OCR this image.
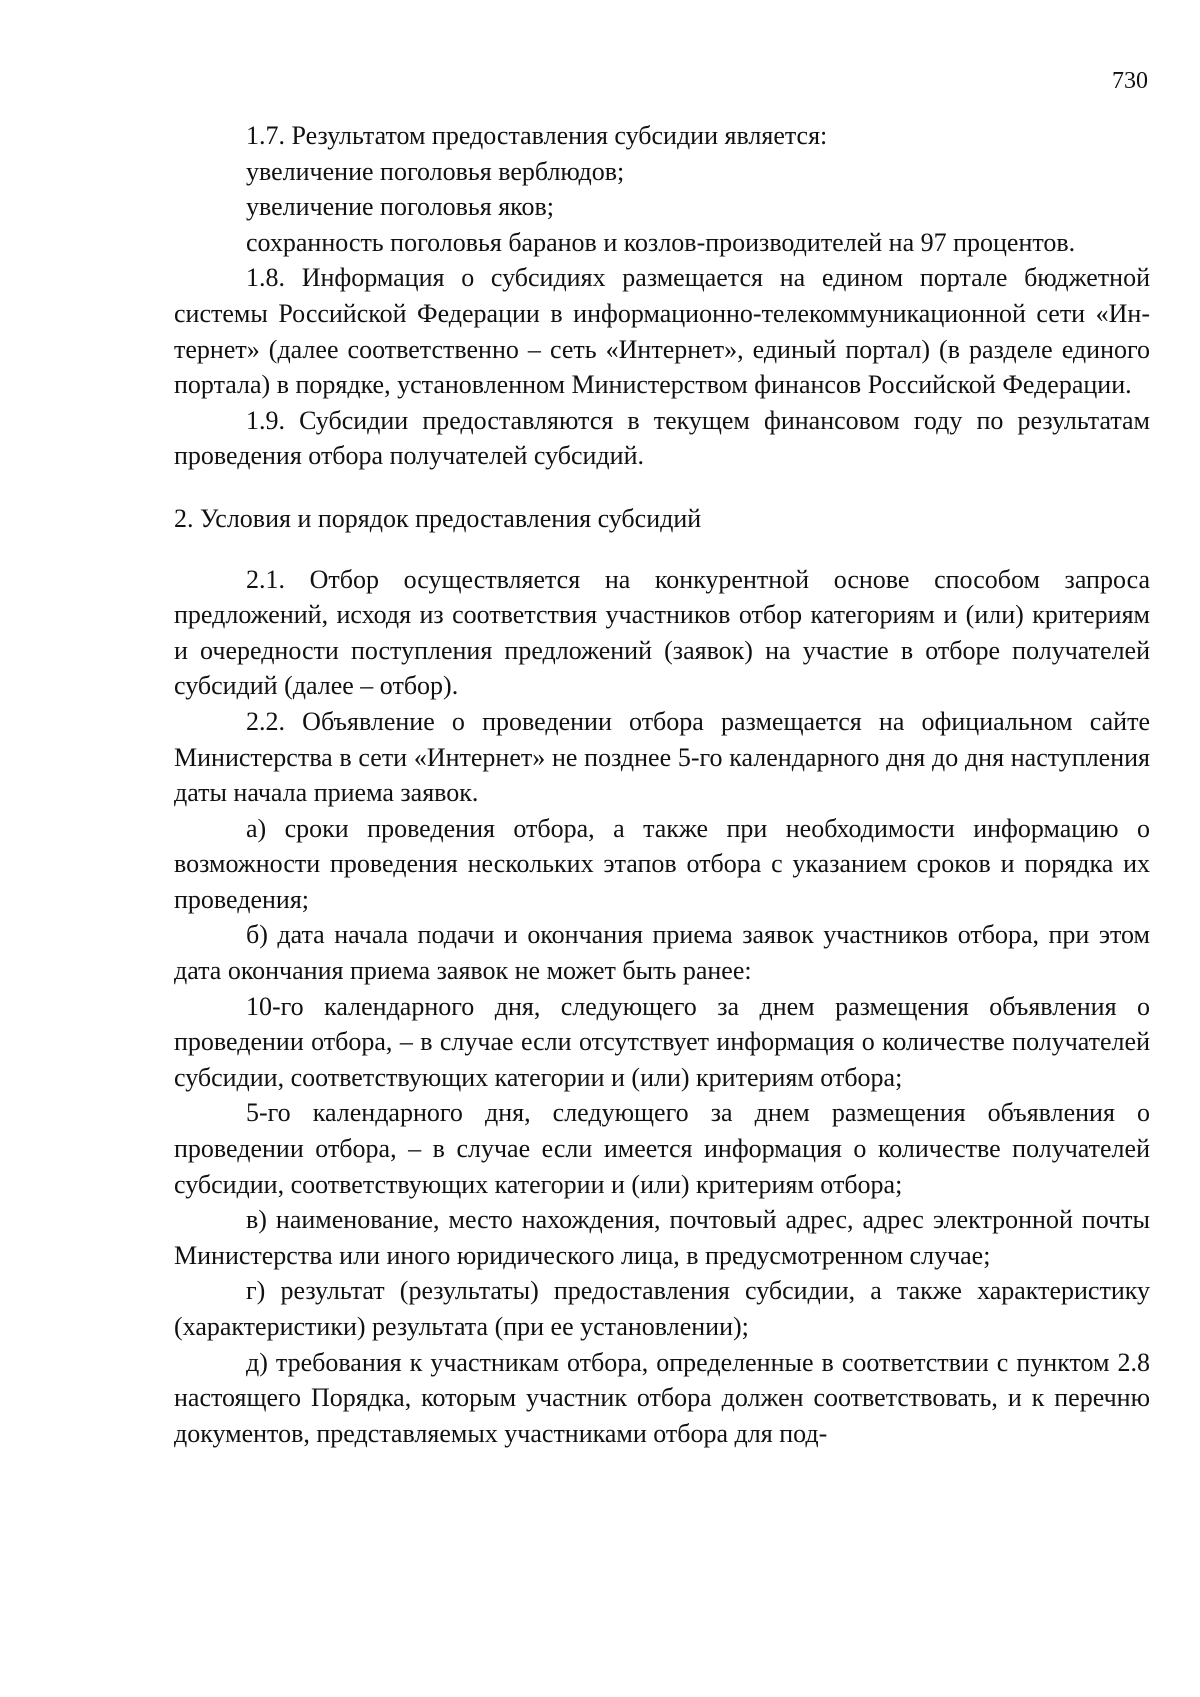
730

1.7. Результатом предоставления субсидии является:

увеличение поголовья верблюдов;

увеличение поголовья яков;

сохранность поголовья баранов и козлов-производителей на 97 процентов.

1.8. Информация о субсидиях размещается на едином портале бюджетной системы Российской Федерации в информационно-телекоммуникационной сети «Ин-тернет» (далее соответственно – сеть «Интернет», единый портал) (в разделе единого портала) в порядке, установленном Министерством финансов Российской Федерации.

1.9. Субсидии предоставляются в текущем финансовом году по результатам проведения отбора получателей субсидий.

2. Условия и порядок предоставления субсидий

2.1. Отбор осуществляется на конкурентной основе способом запроса предложений, исходя из соответствия участников отбор категориям и (или) критериям и очередности поступления предложений (заявок) на участие в отборе получателей субсидий (далее – отбор).

2.2. Объявление о проведении отбора размещается на официальном сайте Министерства в сети «Интернет» не позднее 5-го календарного дня до дня наступления даты начала приема заявок.

а) сроки проведения отбора, а также при необходимости информацию о возможности проведения нескольких этапов отбора с указанием сроков и порядка их проведения;

б) дата начала подачи и окончания приема заявок участников отбора, при этом дата окончания приема заявок не может быть ранее:

10-го календарного дня, следующего за днем размещения объявления о проведении отбора, – в случае если отсутствует информация о количестве получателей субсидии, соответствующих категории и (или) критериям отбора;

5-го календарного дня, следующего за днем размещения объявления о проведении отбора, – в случае если имеется информация о количестве получателей субсидии, соответствующих категории и (или) критериям отбора;

в) наименование, место нахождения, почтовый адрес, адрес электронной почты Министерства или иного юридического лица, в предусмотренном случае;

г) результат (результаты) предоставления субсидии, а также характеристику (характеристики) результата (при ее установлении);

д) требования к участникам отбора, определенные в соответствии с пунктом 2.8 настоящего Порядка, которым участник отбора должен соответствовать, и к перечню документов, представляемых участниками отбора для под-
